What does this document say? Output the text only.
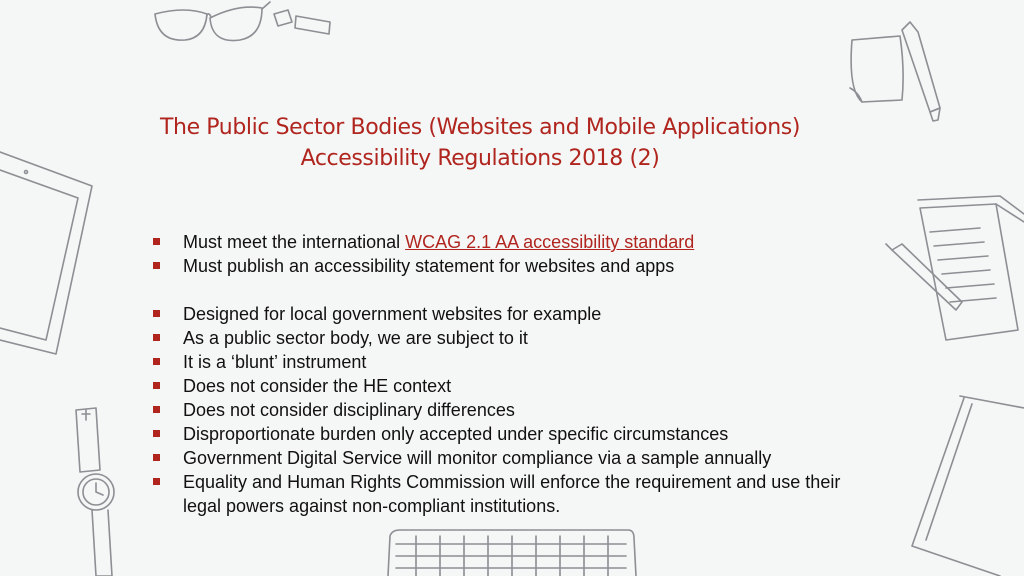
The Public Sector Bodies (Websites and Mobile Applications)
Accessibility Regulations 2018 (2)
Must meet the international WCAG 2.1 AA accessibility standard
Must publish an accessibility statement for websites and apps
Designed for local government websites for example
As a public sector body, we are subject to it
It is a ‘blunt’ instrument
Does not consider the HE context
Does not consider disciplinary differences
Disproportionate burden only accepted under specific circumstances
Government Digital Service will monitor compliance via a sample annually
Equality and Human Rights Commission will enforce the requirement and use their legal powers against non-compliant institutions.
